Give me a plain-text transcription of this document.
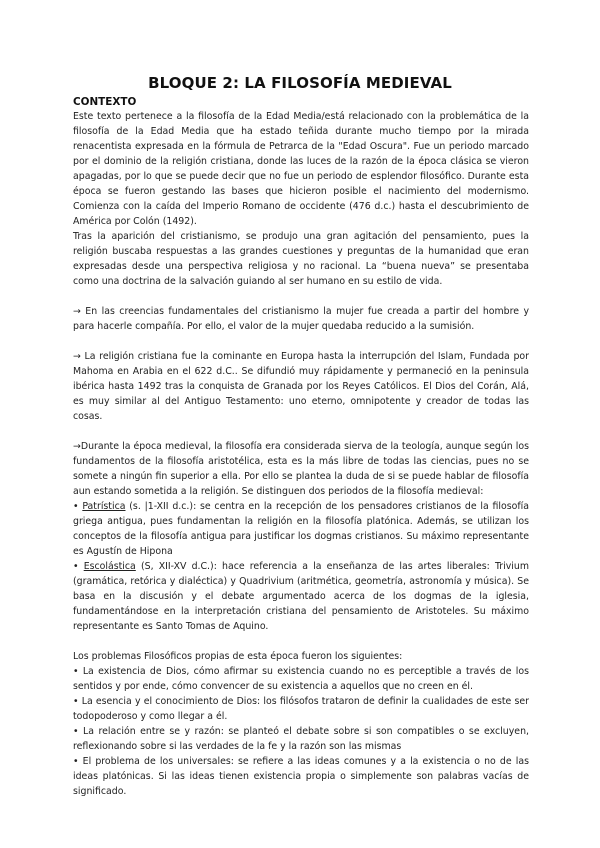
BLOQUE 2: LA FILOSOFÍA MEDIEVAL
CONTEXTO

Este texto pertenece a la filosofía de la Edad Media/está relacionado con la problemática de la filosofía de la Edad Media que ha estado teñida durante mucho tiempo por la mirada renacentista expresada en la fórmula de Petrarca de la "Edad Oscura". Fue un periodo marcado por el dominio de la religión cristiana, donde las luces de la razón de la época clásica se vieron apagadas, por lo que se puede decir que no fue un periodo de esplendor filosófico. Durante esta época se fueron gestando las bases que hicieron posible el nacimiento del modernismo. Comienza con la caída del Imperio Romano de occidente (476 d.c.) hasta el descubrimiento de América por Colón (1492).

Tras la aparición del cristianismo, se produjo una gran agitación del pensamiento, pues la religión buscaba respuestas a las grandes cuestiones y preguntas de la humanidad que eran expresadas desde una perspectiva religiosa y no racional. La “buena nueva” se presentaba como una doctrina de la salvación guiando al ser humano en su estilo de vida.

→ En las creencias fundamentales del cristianismo la mujer fue creada a partir del hombre y para hacerle compañía. Por ello, el valor de la mujer quedaba reducido a la sumisión.

→ La religión cristiana fue la cominante en Europa hasta la interrupción del Islam, Fundada por Mahoma en Arabia en el 622 d.C.. Se difundió muy rápidamente y permaneció en la peninsula ibérica hasta 1492 tras la conquista de Granada por los Reyes Católicos. El Dios del Corán, Alá, es muy similar al del Antiguo Testamento: uno eterno, omnipotente y creador de todas las cosas.

→Durante la época medieval, la filosofía era considerada sierva de la teología, aunque según los fundamentos de la filosofía aristotélica, esta es la más libre de todas las ciencias, pues no se somete a ningún fin superior a ella. Por ello se plantea la duda de si se puede hablar de filosofía aun estando sometida a la religión. Se distinguen dos periodos de la filosofía medieval:

• Patrística (s. |1-XII d.c.): se centra en la recepción de los pensadores cristianos de la filosofía griega antigua, pues fundamentan la religión en la filosofía platónica. Además, se utilizan los conceptos de la filosofía antigua para justificar los dogmas cristianos. Su máximo representante es Agustín de Hipona

• Escolástica (S, XII-XV d.C.): hace referencia a la enseñanza de las artes liberales: Trivium (gramática, retórica y dialéctica) y Quadrivium (aritmética, geometría, astronomía y música). Se basa en la discusión y el debate argumentado acerca de los dogmas de la iglesia, fundamentándose en la interpretación cristiana del pensamiento de Aristoteles. Su máximo representante es Santo Tomas de Aquino.

Los problemas Filosóficos propias de esta época fueron los siguientes:

• La existencia de Dios, cómo afirmar su existencia cuando no es perceptible a través de los sentidos y por ende, cómo convencer de su existencia a aquellos que no creen en él.

• La esencia y el conocimiento de Dios: los filósofos trataron de definir la cualidades de este ser todopoderoso y como llegar a él.

• La relación entre se y razón: se planteó el debate sobre si son compatibles o se excluyen, reflexionando sobre si las verdades de la fe y la razón son las mismas

• El problema de los universales: se refiere a las ideas comunes y a la existencia o no de las ideas platónicas. Si las ideas tienen existencia propia o simplemente son palabras vacías de significado.
